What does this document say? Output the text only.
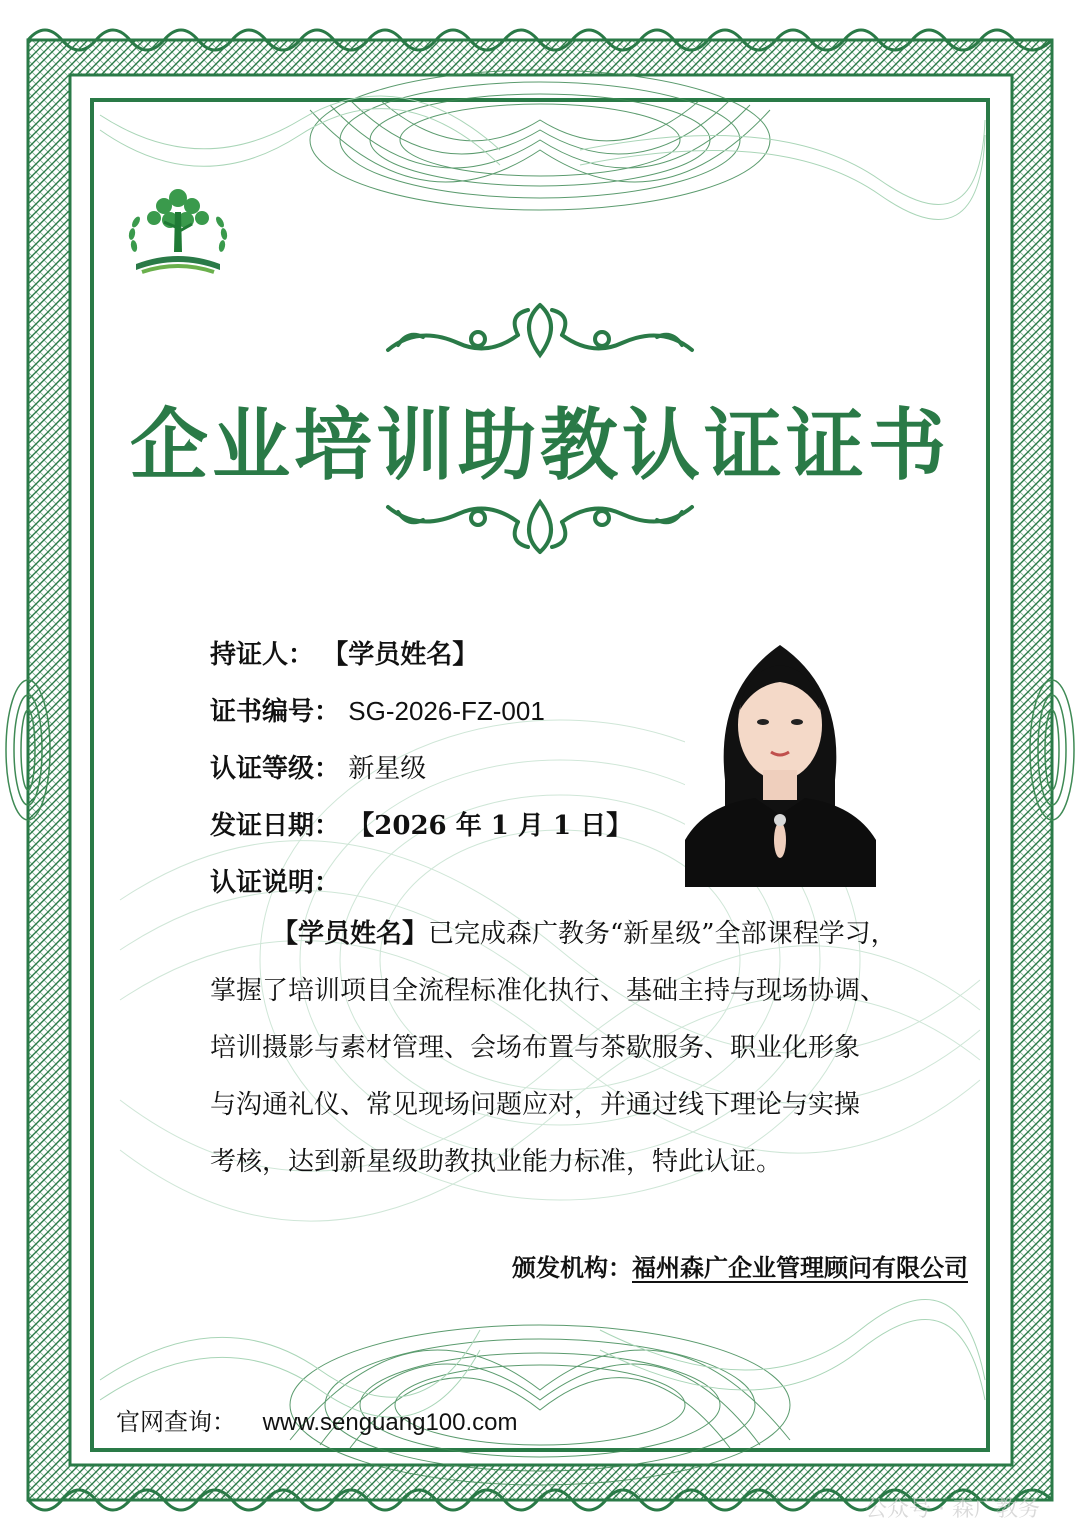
企业培训助教认证证书
持证人： 【学员姓名】
证书编号： SG-2026-FZ-001
认证等级： 新星级
发证日期： 【2026 年 1 月 1 日】
认证说明：

【学员姓名】已完成森广教务“新星级”全部课程学习，

掌握了培训项目全流程标准化执行、基础主持与现场协调、

培训摄影与素材管理、会场布置与茶歇服务、职业化形象

与沟通礼仪、常见现场问题应对，并通过线下理论与实操

考核，达到新星级助教执业能力标准，特此认证。

颁发机构：福州森广企业管理顾问有限公司
官网查询： www.senguang100.com
公众号 · 森广教务
